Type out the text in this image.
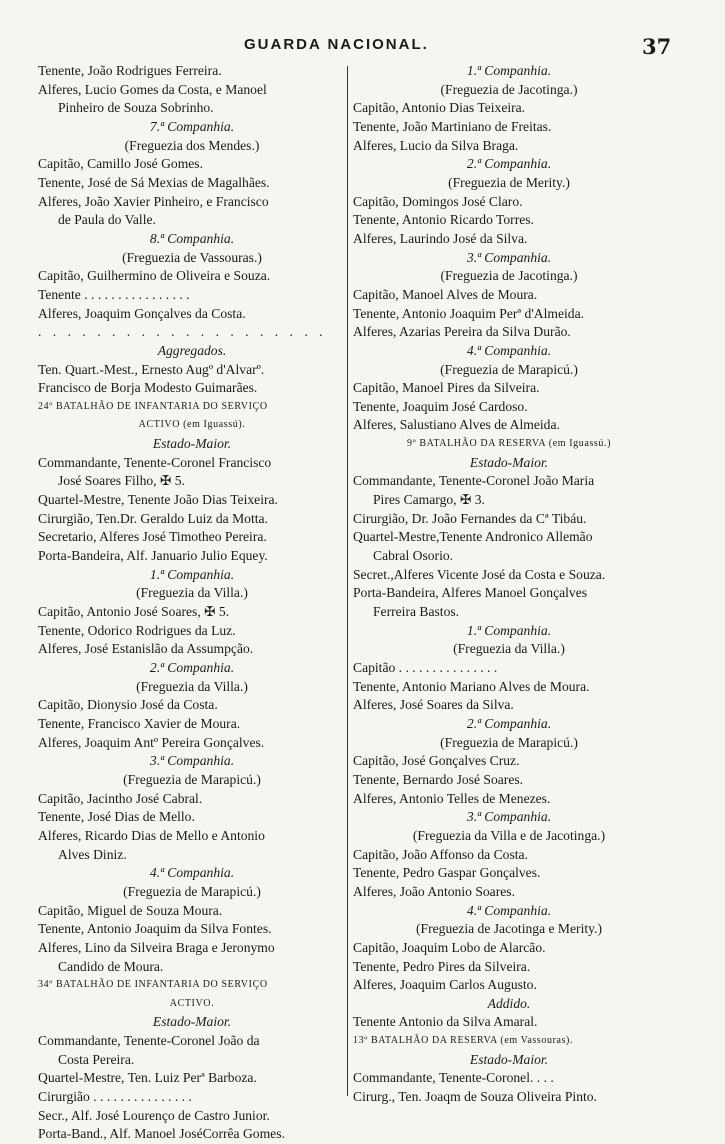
GUARDA NACIONAL.	37
Tenente, João Rodrigues Ferreira.
Alferes, Lucio Gomes da Costa, e Manoel
Pinheiro de Souza Sobrinho.
7.ª Companhia.
(Freguezia dos Mendes.)
Capitão, Camillo José Gomes.
Tenente, José de Sá Mexias de Magalhães.
Alferes, João Xavier Pinheiro, e Francisco
de Paula do Valle.
8.ª Companhia.
(Freguezia de Vassouras.)
Capitão, Guilhermino de Oliveira e Souza.
Tenente . . . . . . . . . . . . . . . .
Alferes, Joaquim Gonçalves da Costa.
. . . . . . . . . . . . . . . . . . . .
Aggregados.
Ten. Quart.-Mest., Ernesto Augº d'Alvarº.
Francisco de Borja Modesto Guimarães.
24º BATALHÃO DE INFANTARIA DO SERVIÇO
ACTIVO (em Iguassú).
Estado-Maior.
Commandante, Tenente-Coronel Francisco
José Soares Filho, ✠ 5.
Quartel-Mestre, Tenente João Dias Teixeira.
Cirurgião, Ten.Dr. Geraldo Luiz da Motta.
Secretario, Alferes José Timotheo Pereira.
Porta-Bandeira, Alf. Januario Julio Equey.
1.ª Companhia.
(Freguezia da Villa.)
Capitão, Antonio José Soares, ✠ 5.
Tenente, Odorico Rodrigues da Luz.
Alferes, José Estanislão da Assumpção.
2.ª Companhia.
(Freguezia da Villa.)
Capitão, Dionysio José da Costa.
Tenente, Francisco Xavier de Moura.
Alferes, Joaquim Antº Pereira Gonçalves.
3.ª Companhia.
(Freguezia de Marapicú.)
Capitão, Jacintho José Cabral.
Tenente, José Dias de Mello.
Alferes, Ricardo Dias de Mello e Antonio
Alves Diniz.
4.ª Companhia.
(Freguezia de Marapicú.)
Capitão, Miguel de Souza Moura.
Tenente, Antonio Joaquim da Silva Fontes.
Alferes, Lino da Silveira Braga e Jeronymo
Candido de Moura.
34º BATALHÃO DE INFANTARIA DO SERVIÇO
ACTIVO.
Estado-Maior.
Commandante, Tenente-Coronel João da
Costa Pereira.
Quartel-Mestre, Ten. Luiz Perª Barboza.
Cirurgião . . . . . . . . . . . . . . .
Secr., Alf. José Lourenço de Castro Junior.
Porta-Band., Alf. Manoel JoséCorrêa Gomes.
1.ª Companhia.
(Freguezia de Jacotinga.)
Capitão, Antonio Dias Teixeira.
Tenente, João Martiniano de Freitas.
Alferes, Lucio da Silva Braga.
2.ª Companhia.
(Freguezia de Merity.)
Capitão, Domingos José Claro.
Tenente, Antonio Ricardo Torres.
Alferes, Laurindo José da Silva.
3.ª Companhia.
(Freguezia de Jacotinga.)
Capitão, Manoel Alves de Moura.
Tenente, Antonio Joaquim Perª d'Almeida.
Alferes, Azarias Pereira da Silva Durão.
4.ª Companhia.
(Freguezia de Marapicú.)
Capitão, Manoel Pires da Silveira.
Tenente, Joaquim José Cardoso.
Alferes, Salustiano Alves de Almeida.
9º BATALHÃO DA RESERVA (em Iguassú.)
Estado-Maior.
Commandante, Tenente-Coronel João Maria
Pires Camargo, ✠ 3.
Cirurgião, Dr. João Fernandes da Cª Tibáu.
Quartel-Mestre,Tenente Andronico Allemão
Cabral Osorio.
Secret.,Alferes Vicente José da Costa e Souza.
Porta-Bandeira, Alferes Manoel Gonçalves
Ferreira Bastos.
1.ª Companhia.
(Freguezia da Villa.)
Capitão . . . . . . . . . . . . . . .
Tenente, Antonio Mariano Alves de Moura.
Alferes, José Soares da Silva.
2.ª Companhia.
(Freguezia de Marapicú.)
Capitão, José Gonçalves Cruz.
Tenente, Bernardo José Soares.
Alferes, Antonio Telles de Menezes.
3.ª Companhia.
(Freguezia da Villa e de Jacotinga.)
Capitão, João Affonso da Costa.
Tenente, Pedro Gaspar Gonçalves.
Alferes, João Antonio Soares.
4.ª Companhia.
(Freguezia de Jacotinga e Merity.)
Capitão, Joaquim Lobo de Alarcão.
Tenente, Pedro Pires da Silveira.
Alferes, Joaquim Carlos Augusto.
Addido.
Tenente Antonio da Silva Amaral.
13º BATALHÃO DA RESERVA (em Vassouras).
Estado-Maior.
Commandante, Tenente-Coronel. . . .
Cirurg., Ten. Joaqm de Souza Oliveira Pinto.
